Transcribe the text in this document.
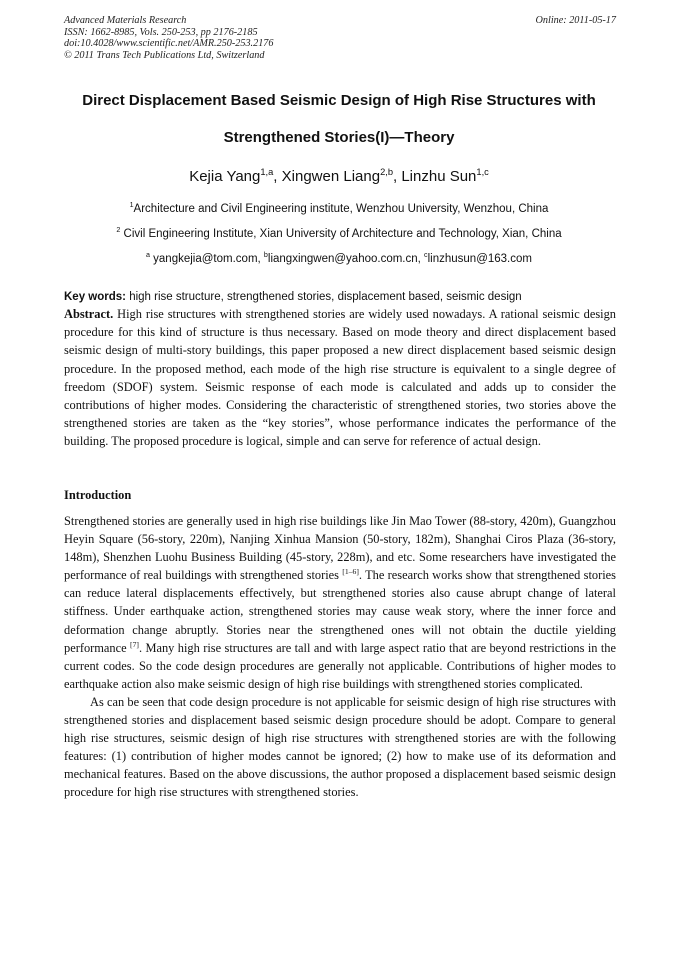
Advanced Materials Research
ISSN: 1662-8985, Vols. 250-253, pp 2176-2185
doi:10.4028/www.scientific.net/AMR.250-253.2176
© 2011 Trans Tech Publications Ltd, Switzerland
Online: 2011-05-17
Direct Displacement Based Seismic Design of High Rise Structures with
Strengthened Stories(I)—Theory
Kejia Yang$^{1,a}$, Xingwen Liang$^{2,b}$, Linzhu Sun$^{1,c}$
$^1$Architecture and Civil Engineering institute, Wenzhou University, Wenzhou, China
$^2$ Civil Engineering Institute, Xian University of Architecture and Technology, Xian, China
$^a$ yangkejia@tom.com, $^b$liangxingwen@yahoo.com.cn, $^c$linzhusun@163.com
Key words: high rise structure, strengthened stories, displacement based, seismic design
Abstract. High rise structures with strengthened stories are widely used nowadays. A rational seismic design procedure for this kind of structure is thus necessary. Based on mode theory and direct displacement based seismic design of multi-story buildings, this paper proposed a new direct displacement based seismic design procedure. In the proposed method, each mode of the high rise structure is equivalent to a single degree of freedom (SDOF) system. Seismic response of each mode is calculated and adds up to consider the contributions of higher modes. Considering the characteristic of strengthened stories, two stories above the strengthened stories are taken as the “key stories”, whose performance indicates the performance of the building. The proposed procedure is logical, simple and can serve for reference of actual design.
Introduction

Strengthened stories are generally used in high rise buildings like Jin Mao Tower (88-story, 420m), Guangzhou Heyin Square (56-story, 220m), Nanjing Xinhua Mansion (50-story, 182m), Shanghai Ciros Plaza (36-story, 148m), Shenzhen Luohu Business Building (45-story, 228m), and etc. Some researchers have investigated the performance of real buildings with strengthened stories [1–6]. The research works show that strengthened stories can reduce lateral displacements effectively, but strengthened stories also cause abrupt change of lateral stiffness. Under earthquake action, strengthened stories may cause weak story, where the inner force and deformation change abruptly. Stories near the strengthened ones will not obtain the ductile yielding performance [7]. Many high rise structures are tall and with large aspect ratio that are beyond restrictions in the current codes. So the code design procedures are generally not applicable. Contributions of higher modes to earthquake action also make seismic design of high rise buildings with strengthened stories complicated.

As can be seen that code design procedure is not applicable for seismic design of high rise structures with strengthened stories and displacement based seismic design procedure should be adopt. Compare to general high rise structures, seismic design of high rise structures with strengthened stories are with the following features: (1) contribution of higher modes cannot be ignored; (2) how to make use of its deformation and mechanical features. Based on the above discussions, the author proposed a displacement based seismic design procedure for high rise structures with strengthened stories.
